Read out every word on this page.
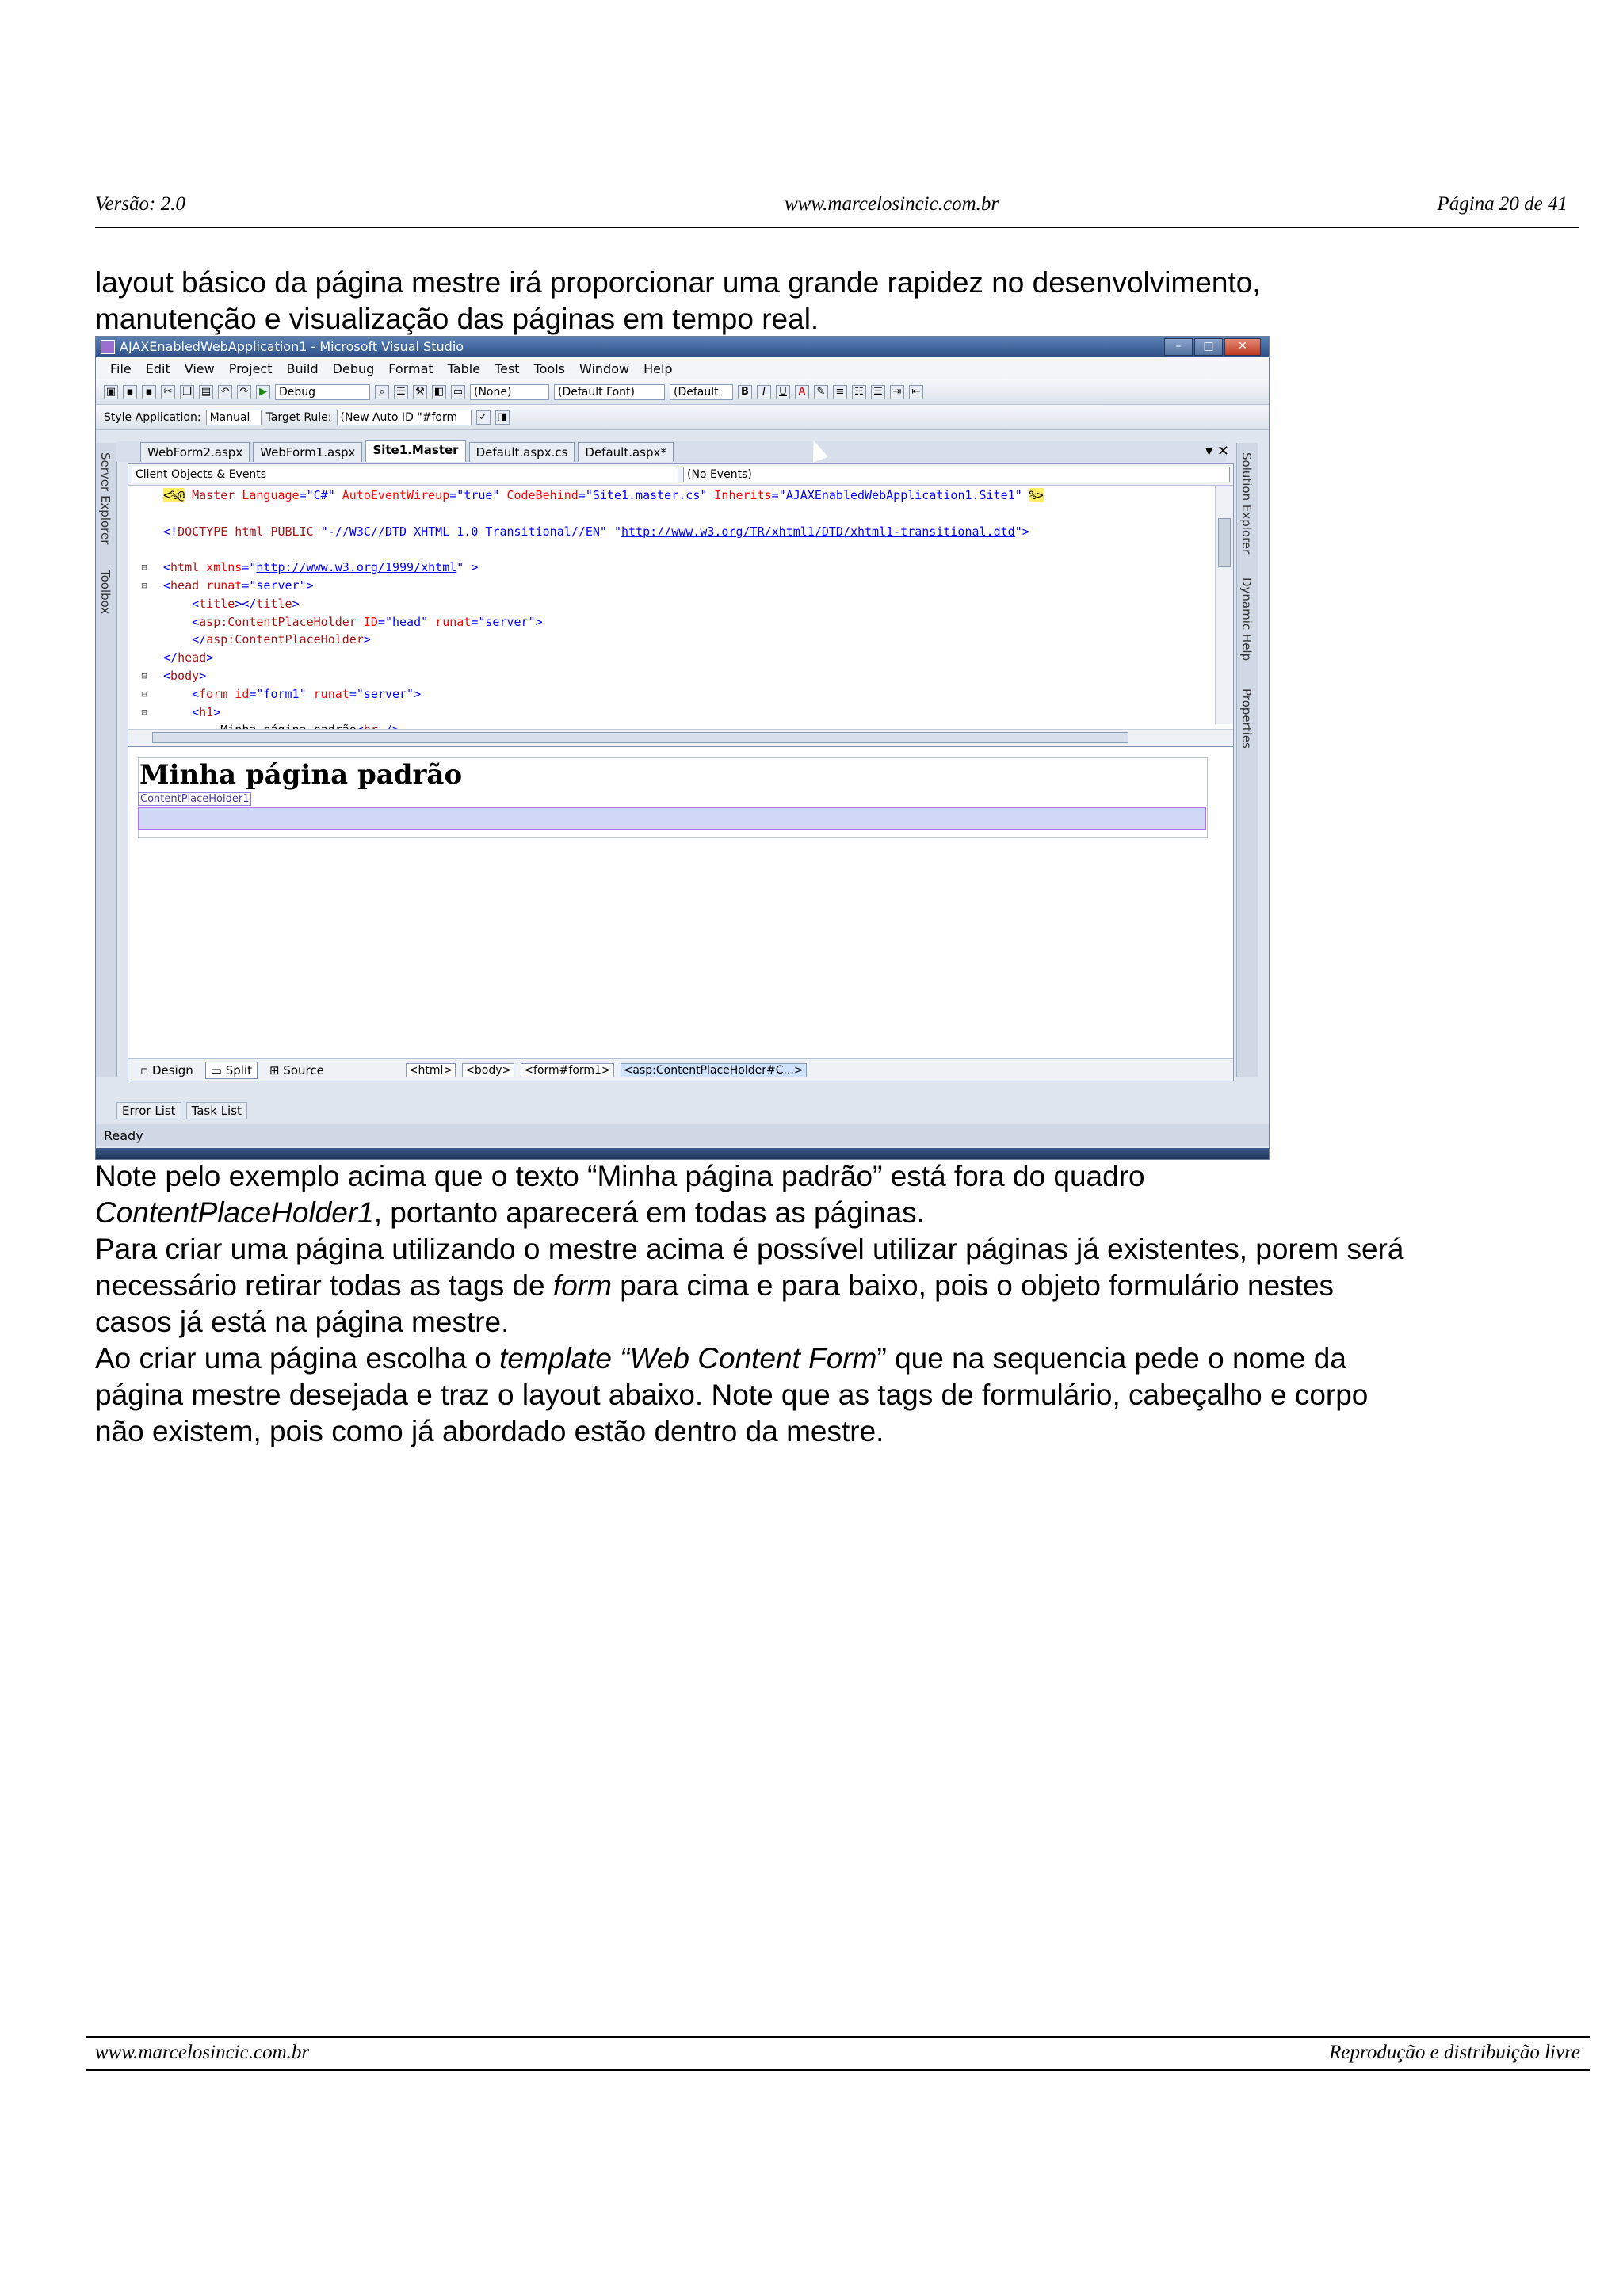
Versão: 2.0	www.marcelosincic.com.br	Página 20 de 41
layout básico da página mestre irá proporcionar uma grande rapidez no desenvolvimento,
manutenção e visualização das páginas em tempo real.
AJAXEnabledWebApplication1 - Microsoft Visual Studio	–	□	✕
File Edit View Project Build Debug Format Table Test Tools Window Help
▣	▪	▪	✂ ❐ ▤ ↶ ↷	▶	Debug	⌕	☰ ⚒ ◧ ▭ (None)	(Default Font)	(Default	B	I	U	A	✎ ≡ ☷ ☰ ⇥ ⇤
Style Application: Manual	Target Rule: (New Auto ID "#form	✓ ◨
Server Explorer
Toolbox
Solution Explorer
Dynamic Help
Properties
WebForm2.aspx	WebForm1.aspx	Site1.Master	Default.aspx.cs	Default.aspx*	▾ ✕
Client Objects & Events	(No Events)
<%@ Master Language="C#" AutoEventWireup="true" CodeBehind="Site1.master.cs" Inherits="AJAXEnabledWebApplication1.Site1" %>
<!DOCTYPE html PUBLIC "-//W3C//DTD XHTML 1.0 Transitional//EN" "http://www.w3.org/TR/xhtml1/DTD/xhtml1-transitional.dtd">
⊟	<html xmlns="http://www.w3.org/1999/xhtml" >
⊟	<head runat="server">
<title></title>
<asp:ContentPlaceHolder ID="head" runat="server">
</asp:ContentPlaceHolder>
</head>
⊟	<body>
⊟	<form id="form1" runat="server">
⊟	<h1>

Minha página padrão
ContentPlaceHolder1
▫ Design	▭ Split	⊞ Source	<html> <body> <form#form1> <asp:ContentPlaceHolder#C...>
Error List	Task List
Ready
Note pelo exemplo acima que o texto “Minha página padrão” está fora do quadro
ContentPlaceHolder1, portanto aparecerá em todas as páginas.
Para criar uma página utilizando o mestre acima é possível utilizar páginas já existentes, porem será
necessário retirar todas as tags de form para cima e para baixo, pois o objeto formulário nestes
casos já está na página mestre.
Ao criar uma página escolha o template “Web Content Form” que na sequencia pede o nome da
página mestre desejada e traz o layout abaixo. Note que as tags de formulário, cabeçalho e corpo
não existem, pois como já abordado estão dentro da mestre.
www.marcelosincic.com.br	Reprodução e distribuição livre
